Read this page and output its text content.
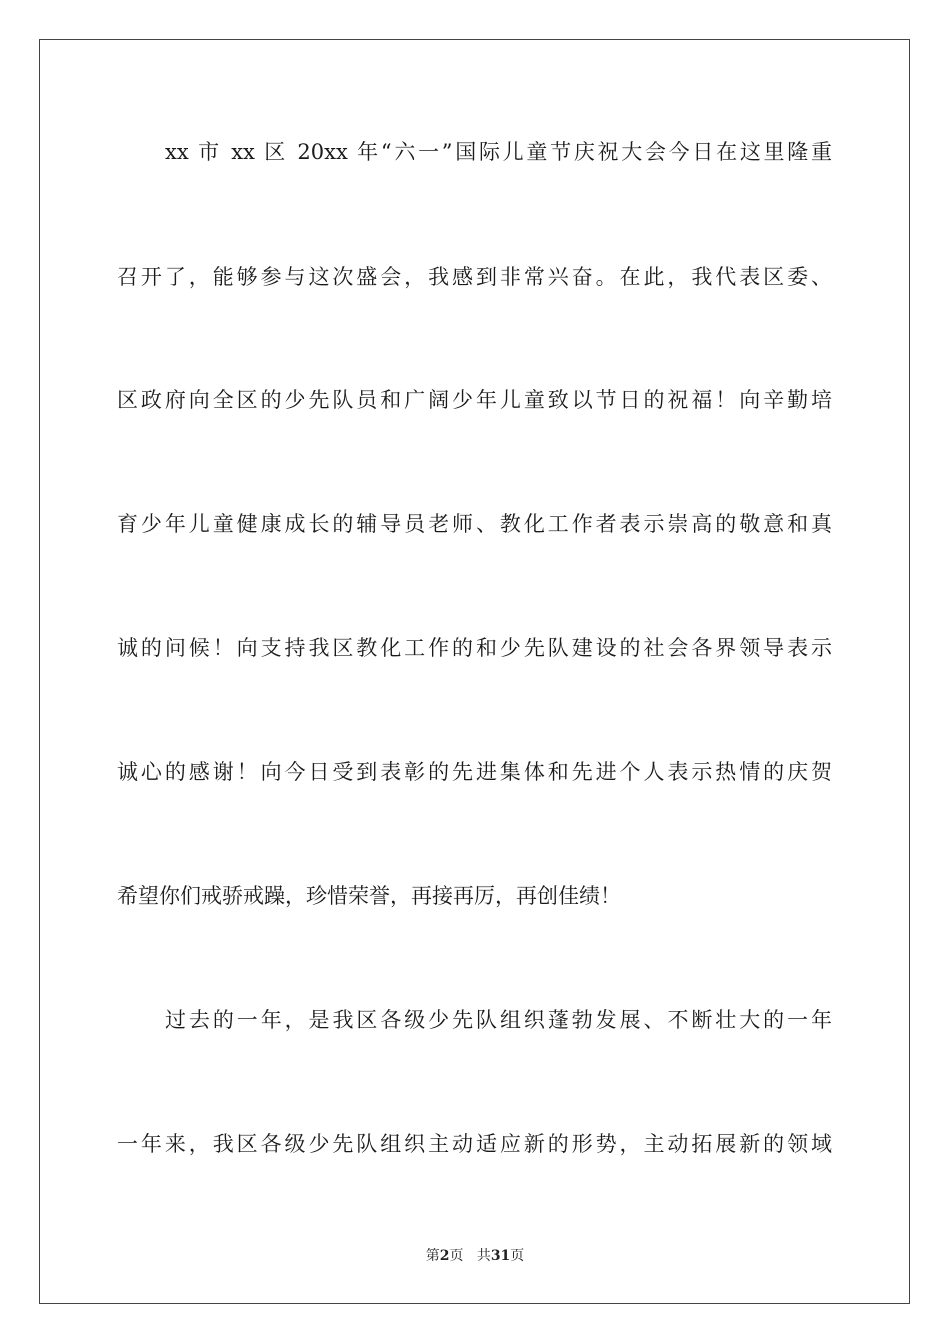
xx 市 xx 区 20xx 年“六一”国际儿童节庆祝大会今日在这里隆重
召开了，能够参与这次盛会，我感到非常兴奋。在此，我代表区委、
区政府向全区的少先队员和广阔少年儿童致以节日的祝福！向辛勤培
育少年儿童健康成长的辅导员老师、教化工作者表示崇高的敬意和真
诚的问候！向支持我区教化工作的和少先队建设的社会各界领导表示
诚心的感谢！向今日受到表彰的先进集体和先进个人表示热情的庆贺
希望你们戒骄戒躁，珍惜荣誉，再接再厉，再创佳绩！
过去的一年，是我区各级少先队组织蓬勃发展、不断壮大的一年
一年来，我区各级少先队组织主动适应新的形势，主动拓展新的领域
第2页 共31页
